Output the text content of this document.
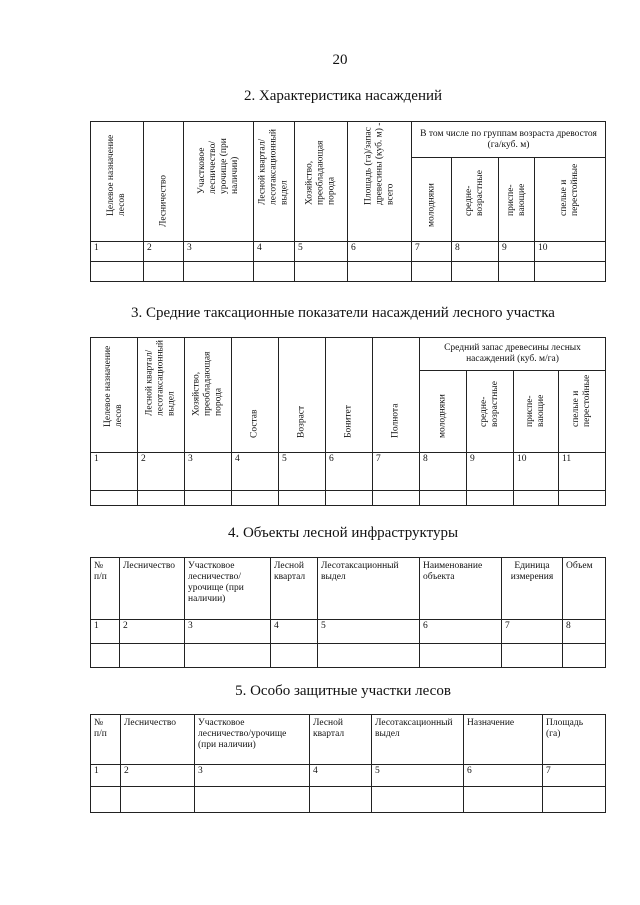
20
2. Характеристика насаждений
Целевое назначение
лесов	Лесничество	Участковое
лесничество/
урочище (при
наличии)	Лесной квартал/
лесотаксационный
выдел	Хозяйство,
преобладающая
порода	Площадь (га)/запас
древесины (куб. м) -
всего	В том числе по группам возраста древостоя (га/куб. м)			

						молодняки	средне-
возрастные	приспе-
вающие	спелые и
перестойные

1	2	3	4	5	6	7	8	9	10

3. Средние таксационные показатели насаждений лесного участка
Целевое назначение
лесов	Лесной квартал/
лесотаксационный
выдел	Хозяйство,
преобладающая
порода	Состав	Возраст	Бонитет	Полнота	Средний запас древесины лесных насаждений (куб. м/га)			

							молодняки	средне-
возрастные	приспе-
вающие	спелые и
перестойные

1	2	3	4	5	6	7	8	9	10	11

4. Объекты лесной инфраструктуры
№
п/п	Лесничество	Участковое
лесничество/
урочище (при
наличии)	Лесной
квартал	Лесотаксационный
выдел	Наименование
объекта	Единица
измерения	Объем
1	2	3	4	5	6	7	8

5. Особо защитные участки лесов
№
п/п	Лесничество	Участковое
лесничество/урочище
(при наличии)	Лесной
квартал	Лесотаксационный
выдел	Назначение	Площадь
(га)
1	2	3	4	5	6	7
